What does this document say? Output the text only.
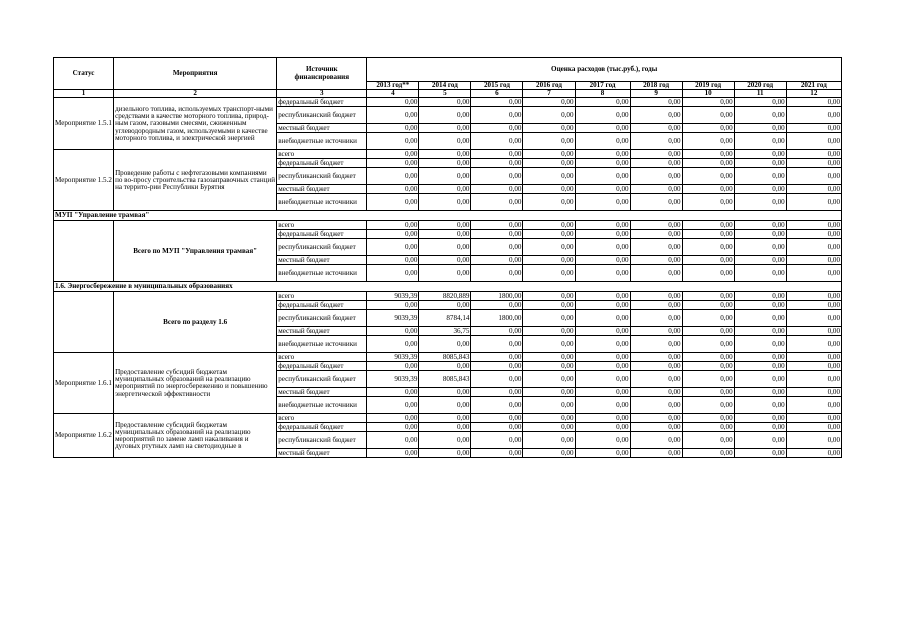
Статус	Мероприятия	Источник финансирования	Оценка расходов (тыс.руб.), годы								
			2013 год**	2014 год	2015 год	2016 год	2017 год	2018 год	2019 год	2020 год	2021 год
1	2	3	4	5	6	7	8	9	10	11	12
Мероприятие 1.5.1	дизельного топлива, используемых транспорт-ными средствами в качестве моторного топлива, природ-ным газом, газовыми смесями, сжиженным углеводородным газом, используемыми в качестве моторного топлива, и электрической энергией	федеральный бюджет	0,00	0,00	0,00	0,00	0,00	0,00	0,00	0,00	0,00
		республиканский бюджет	0,00	0,00	0,00	0,00	0,00	0,00	0,00	0,00	0,00
		местный бюджет	0,00	0,00	0,00	0,00	0,00	0,00	0,00	0,00	0,00
		внебюджетные источники	0,00	0,00	0,00	0,00	0,00	0,00	0,00	0,00	0,00
Мероприятие 1.5.2	Проведение работы с нефтегазовыми компаниями по во-просу строительства газозаправочных станций на террито-рии Республики Бурятия	всего	0,00	0,00	0,00	0,00	0,00	0,00	0,00	0,00	0,00
		федеральный бюджет	0,00	0,00	0,00	0,00	0,00	0,00	0,00	0,00	0,00
		республиканский бюджет	0,00	0,00	0,00	0,00	0,00	0,00	0,00	0,00	0,00
		местный бюджет	0,00	0,00	0,00	0,00	0,00	0,00	0,00	0,00	0,00
		внебюджетные источники	0,00	0,00	0,00	0,00	0,00	0,00	0,00	0,00	0,00
МУП "Управление трамвая"											
	Всего по МУП "Управления трамвая"	всего	0,00	0,00	0,00	0,00	0,00	0,00	0,00	0,00	0,00
		федеральный бюджет	0,00	0,00	0,00	0,00	0,00	0,00	0,00	0,00	0,00
		республиканский бюджет	0,00	0,00	0,00	0,00	0,00	0,00	0,00	0,00	0,00
		местный бюджет	0,00	0,00	0,00	0,00	0,00	0,00	0,00	0,00	0,00
		внебюджетные источники	0,00	0,00	0,00	0,00	0,00	0,00	0,00	0,00	0,00
1.6. Энергосбережение в муниципальных образованиях											
	Всего по разделу 1.6	всего	9039,39	8820,889	1800,00	0,00	0,00	0,00	0,00	0,00	0,00
		федеральный бюджет	0,00	0,00	0,00	0,00	0,00	0,00	0,00	0,00	0,00
		республиканский бюджет	9039,39	8784,14	1800,00	0,00	0,00	0,00	0,00	0,00	0,00
		местный бюджет	0,00	36,75	0,00	0,00	0,00	0,00	0,00	0,00	0,00
		внебюджетные источники	0,00	0,00	0,00	0,00	0,00	0,00	0,00	0,00	0,00
Мероприятие 1.6.1	Предоставление субсидий бюджетам муниципальных образований на реализацию мероприятий по энергосбережению и повышению энергетической эффективности	всего	9039,39	8085,843	0,00	0,00	0,00	0,00	0,00	0,00	0,00
		федеральный бюджет	0,00	0,00	0,00	0,00	0,00	0,00	0,00	0,00	0,00
		республиканский бюджет	9039,39	8085,843	0,00	0,00	0,00	0,00	0,00	0,00	0,00
		местный бюджет	0,00	0,00	0,00	0,00	0,00	0,00	0,00	0,00	0,00
		внебюджетные источники	0,00	0,00	0,00	0,00	0,00	0,00	0,00	0,00	0,00
Мероприятие 1.6.2	Предоставление субсидий бюджетам муниципальных образований на реализацию мероприятий по замене ламп накаливания и дуговых ртутных ламп на светодиодные в	всего	0,00	0,00	0,00	0,00	0,00	0,00	0,00	0,00	0,00
		федеральный бюджет	0,00	0,00	0,00	0,00	0,00	0,00	0,00	0,00	0,00
		республиканский бюджет	0,00	0,00	0,00	0,00	0,00	0,00	0,00	0,00	0,00
		местный бюджет	0,00	0,00	0,00	0,00	0,00	0,00	0,00	0,00	0,00
